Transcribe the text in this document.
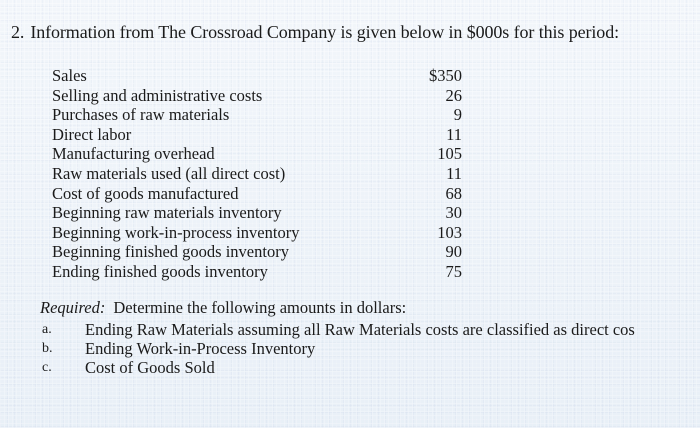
2. Information from The Crossroad Company is given below in $000s for this period:
Sales	$350
Selling and administrative costs	26
Purchases of raw materials	9
Direct labor	11
Manufacturing overhead	105
Raw materials used (all direct cost)	11
Cost of goods manufactured	68
Beginning raw materials inventory	30
Beginning work-in-process inventory	103
Beginning finished goods inventory	90
Ending finished goods inventory	75
Required: Determine the following amounts in dollars:
a. Ending Raw Materials assuming all Raw Materials costs are classified as direct cos
b. Ending Work-in-Process Inventory
c. Cost of Goods Sold
